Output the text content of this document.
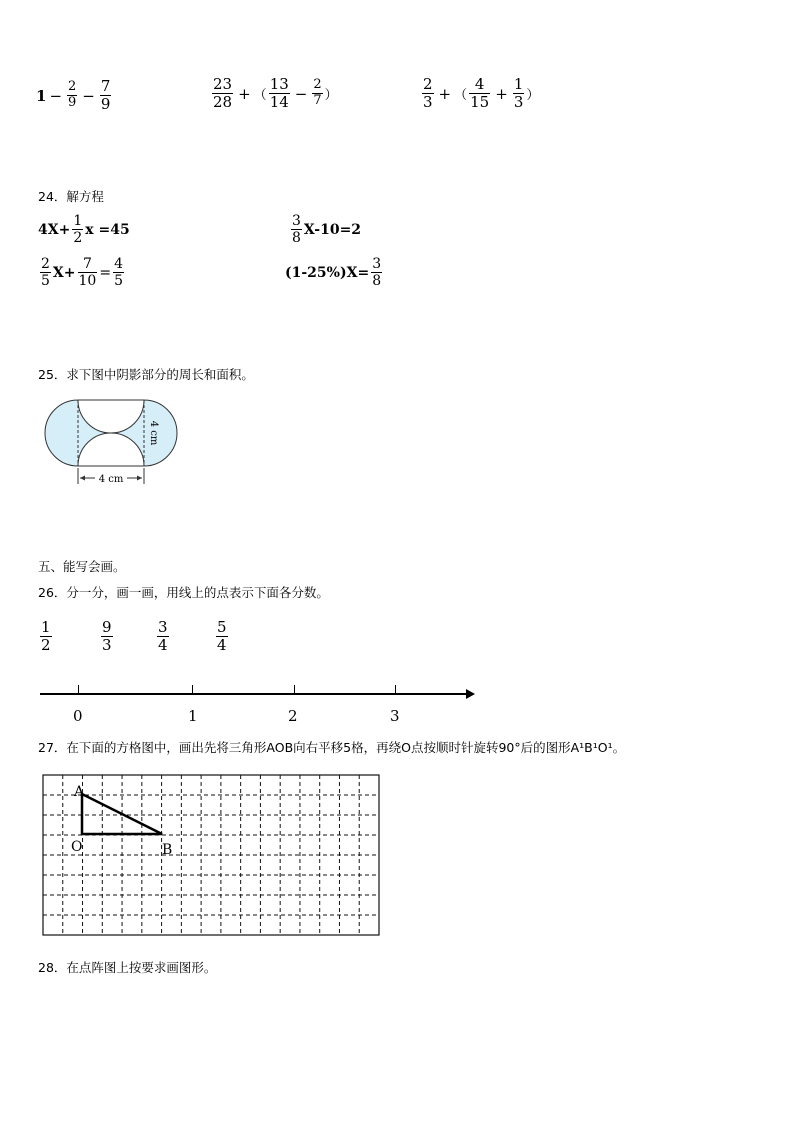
$1 - \frac{2}{9} - \frac{7}{9}$	$\frac{23}{28}$ + （ $\frac{13}{14} - \frac{2}{7}$ ）	$\frac{2}{3}$ + （ $\frac{4}{15} + \frac{1}{3}$ ）
24．解方程
$4X+ \frac{1}{2}$ x =45	$\frac{3}{8} X-10=2$
$\frac{2}{5} X+ \frac{7}{10} = \frac{4}{5}$	$(1-25\%)X= \frac{3}{8}$
25．求下图中阴影部分的周长和面积。
4 cm
4 cm
五、能写会画。
26．分一分，画一画，用线上的点表示下面各分数。
$\frac{1}{2}$	$\frac{9}{3}$	$\frac{3}{4}$	$\frac{5}{4}$
0	1	2	3
27．在下面的方格图中，画出先将三角形AOB向右平移5格，再绕O点按顺时针旋转90°后的图形A¹B¹O¹。
A
O	B
28．在点阵图上按要求画图形。
